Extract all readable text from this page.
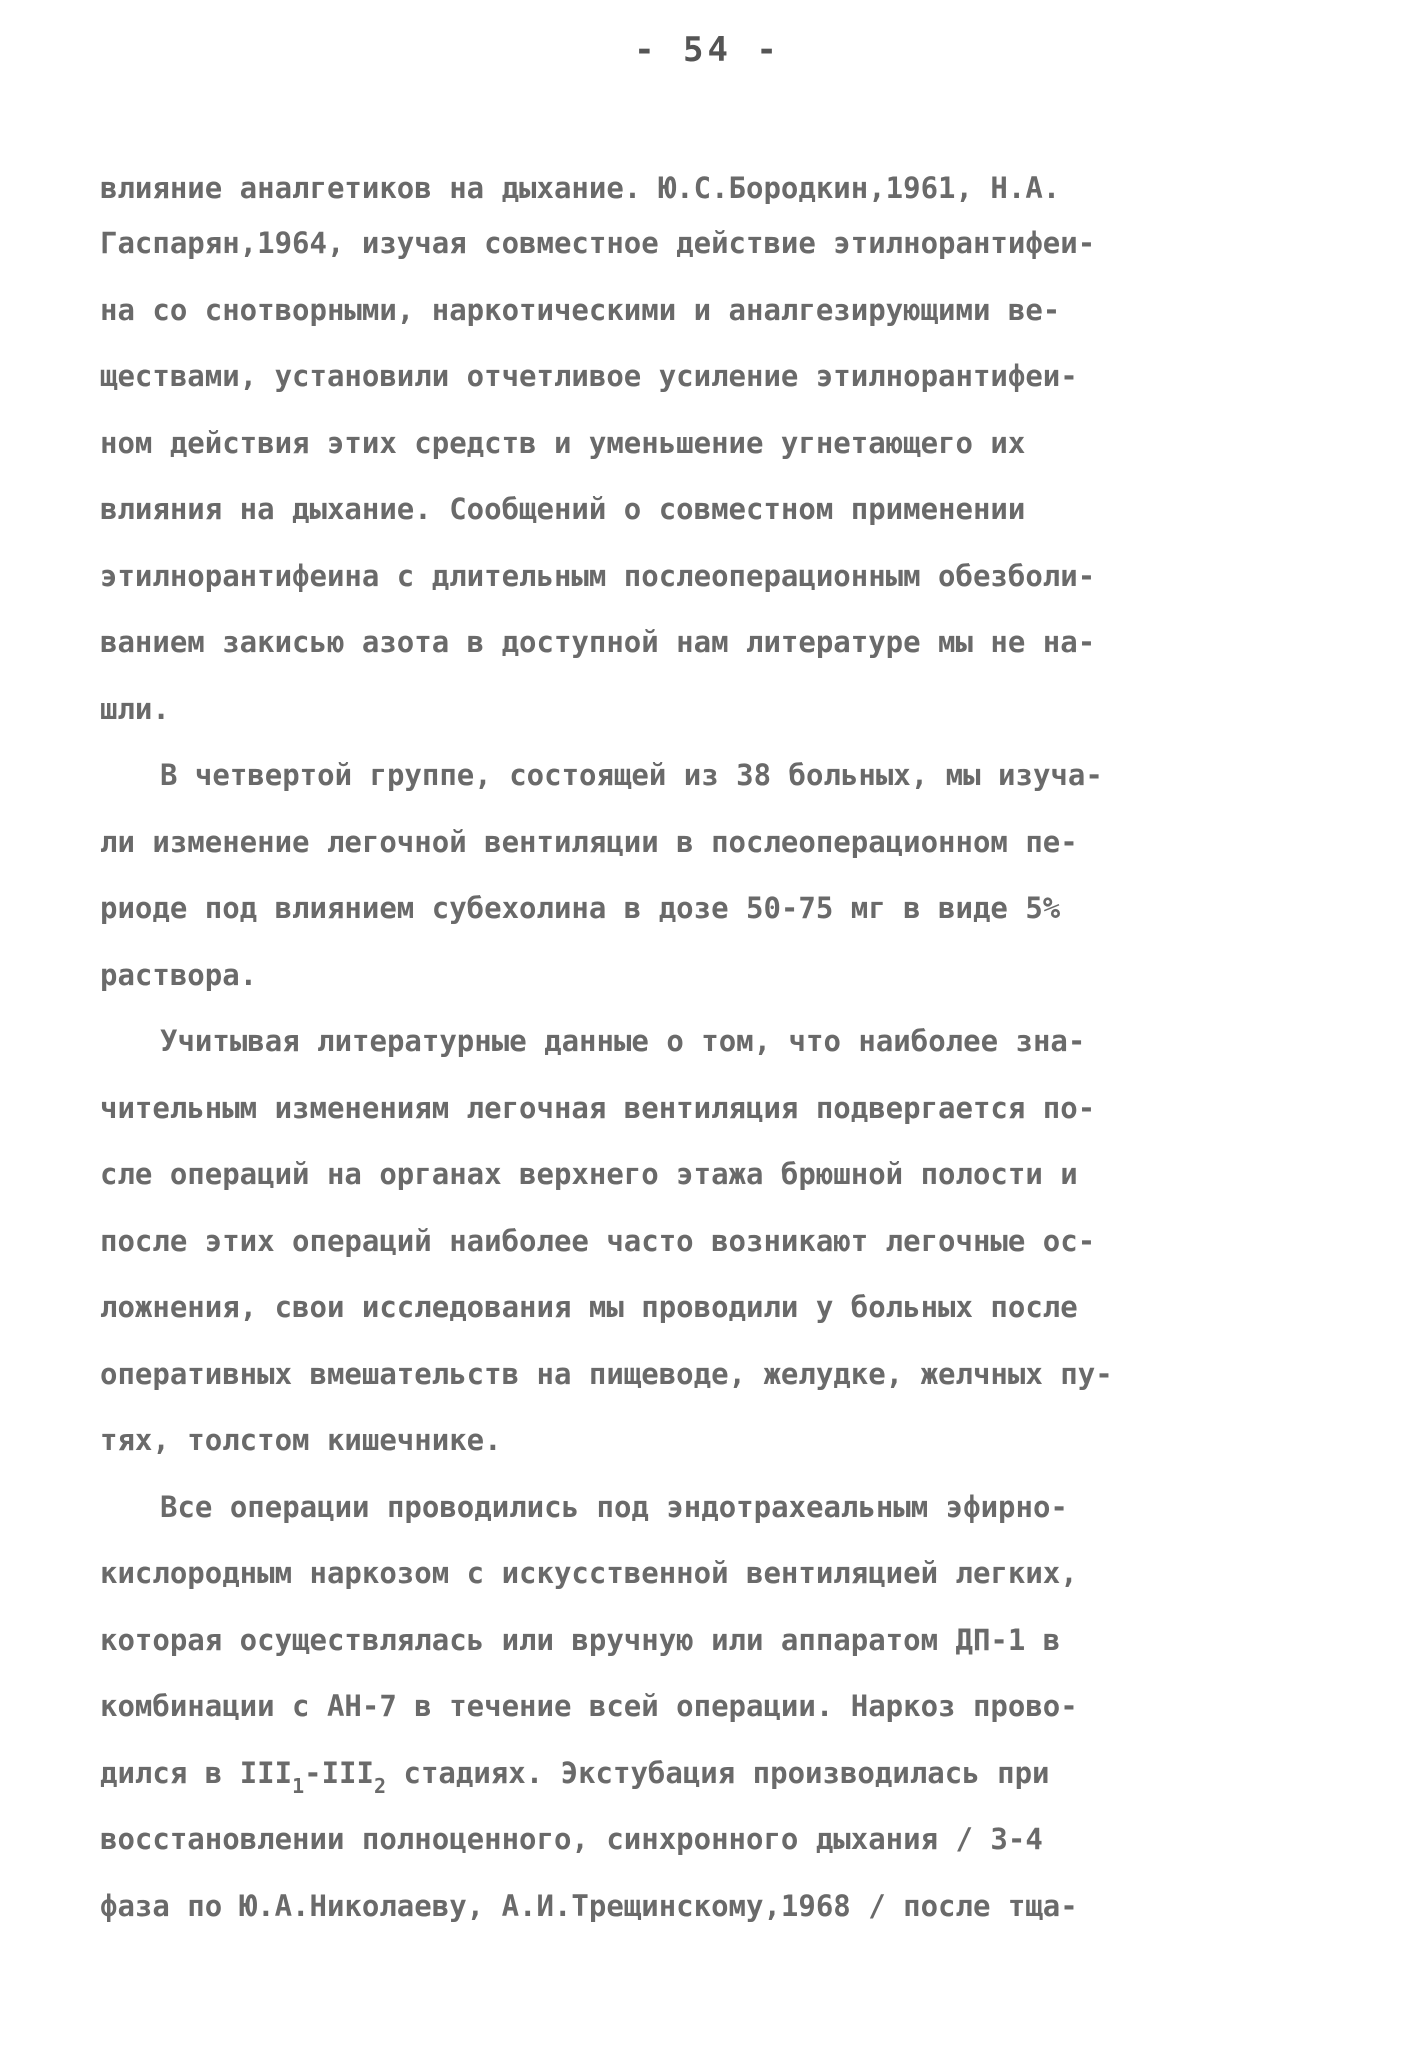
- 54 -
влияние аналгетиков на дыхание. Ю.С.Бородкин,1961, Н.А.
Гаспарян,1964, изучая совместное действие этилнорантифеи-
на со снотворными, наркотическими и аналгезирующими ве-
ществами, установили отчетливое усиление этилнорантифеи-
ном действия этих средств и уменьшение угнетающего их
влияния на дыхание. Сообщений о совместном применении
этилнорантифеина с длительным послеоперационным обезболи-
ванием закисью азота в доступной нам литературе мы не на-
шли.
В четвертой группе, состоящей из 38 больных, мы изуча-
ли изменение легочной вентиляции в послеоперационном пе-
риоде под влиянием субехолина в дозе 50-75 мг в виде 5%
раствора.
Учитывая литературные данные о том, что наиболее зна-
чительным изменениям легочная вентиляция подвергается по-
сле операций на органах верхнего этажа брюшной полости и
после этих операций наиболее часто возникают легочные ос-
ложнения, свои исследования мы проводили у больных после
оперативных вмешательств на пищеводе, желудке, желчных пу-
тях, толстом кишечнике.
Все операции проводились под эндотрахеальным эфирно-
кислородным наркозом с искусственной вентиляцией легких,
которая осуществлялась или вручную или аппаратом ДП-1 в
комбинации с АН-7 в течение всей операции. Наркоз прово-
дился в $III_1-III_2$ стадиях. Экстубация производилась при
восстановлении полноценного, синхронного дыхания / 3-4
фаза по Ю.А.Николаеву, А.И.Трещинскому,1968 / после тща-
